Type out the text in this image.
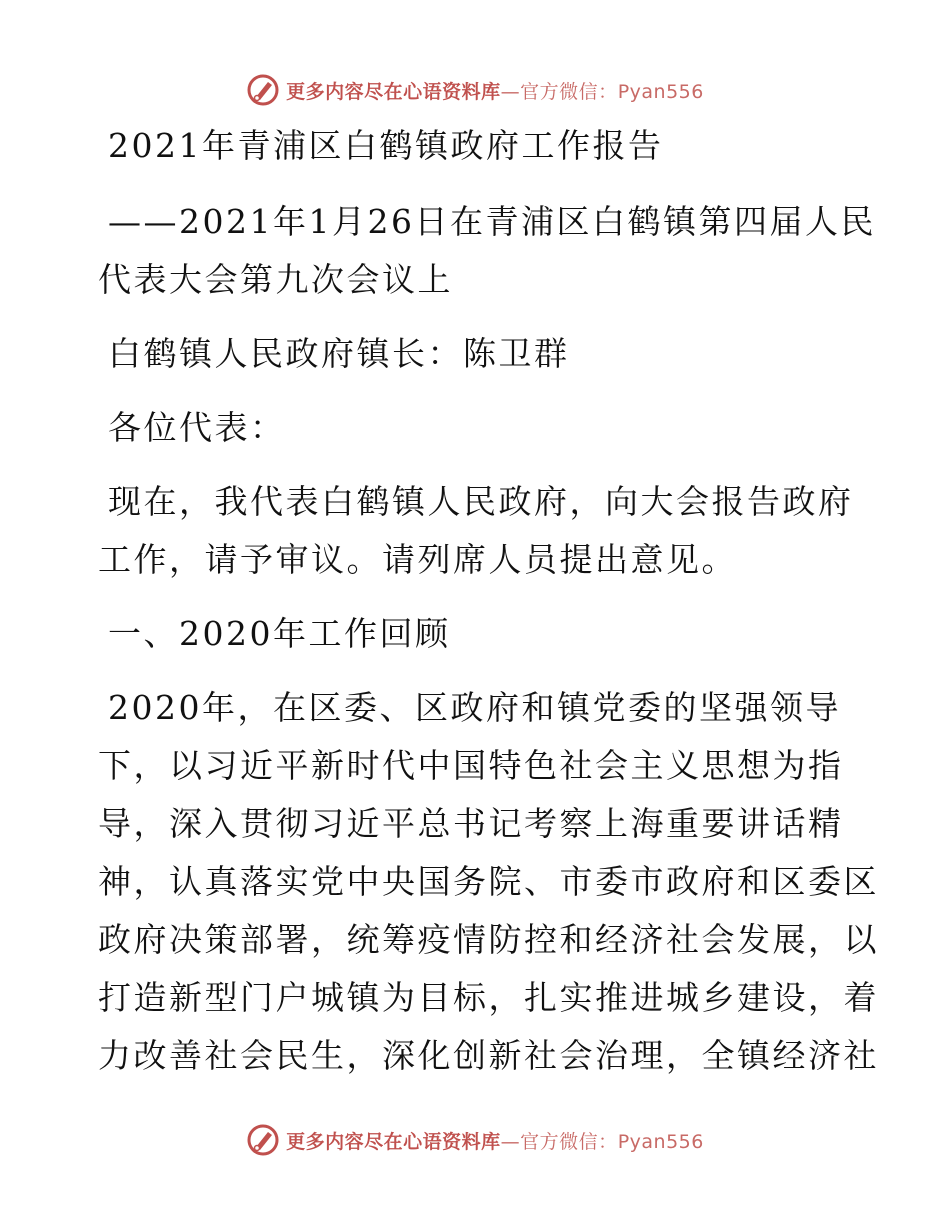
更多内容尽在心语资料库—官方微信：Pyan556
2021年青浦区白鹤镇政府工作报告
——2021年1月26日在青浦区白鹤镇第四届人民
代表大会第九次会议上
白鹤镇人民政府镇长：陈卫群
各位代表：
现在，我代表白鹤镇人民政府，向大会报告政府
工作，请予审议。请列席人员提出意见。
一、2020年工作回顾
2020年，在区委、区政府和镇党委的坚强领导
下，以习近平新时代中国特色社会主义思想为指
导，深入贯彻习近平总书记考察上海重要讲话精
神，认真落实党中央国务院、市委市政府和区委区
政府决策部署，统筹疫情防控和经济社会发展，以
打造新型门户城镇为目标，扎实推进城乡建设，着
力改善社会民生，深化创新社会治理，全镇经济社
更多内容尽在心语资料库—官方微信：Pyan556
